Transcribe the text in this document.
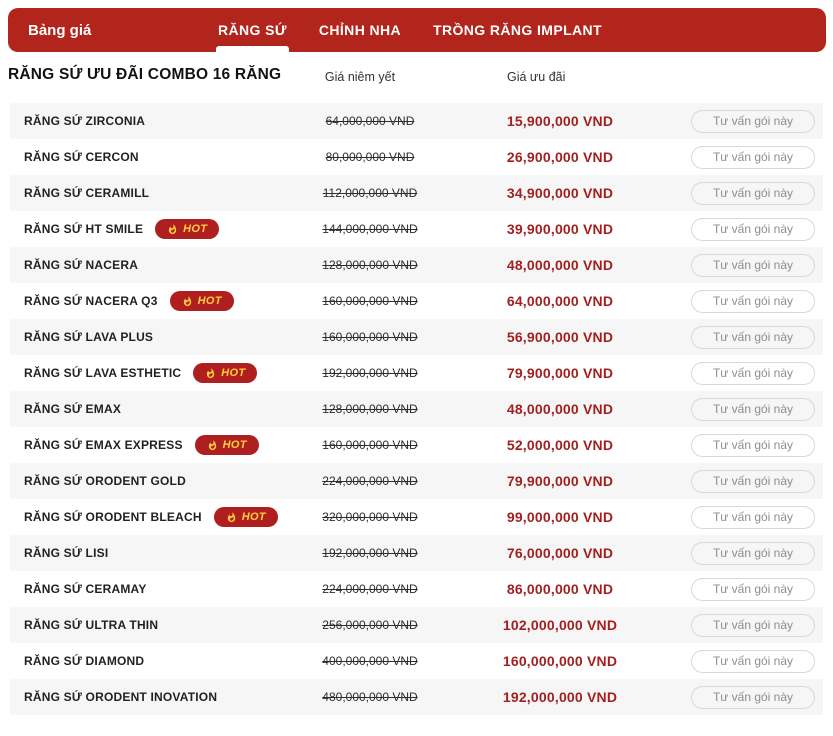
Bảng giá	RĂNG SỨ CHỈNH NHA TRỒNG RĂNG IMPLANT
RĂNG SỨ ƯU ĐÃI COMBO 16 RĂNG	Giá niêm yết	Giá ưu đãi
RĂNG SỨ ZIRCONIA	64,000,000 VND	15,900,000 VND	Tư vấn gói này
RĂNG SỨ CERCON	80,000,000 VND	26,900,000 VND	Tư vấn gói này
RĂNG SỨ CERAMILL	112,000,000 VND	34,900,000 VND	Tư vấn gói này
RĂNG SỨ HT SMILE	HOT	144,000,000 VND	39,900,000 VND	Tư vấn gói này
RĂNG SỨ NACERA	128,000,000 VND	48,000,000 VND	Tư vấn gói này
RĂNG SỨ NACERA Q3	HOT	160,000,000 VND	64,000,000 VND	Tư vấn gói này
RĂNG SỨ LAVA PLUS	160,000,000 VND	56,900,000 VND	Tư vấn gói này
RĂNG SỨ LAVA ESTHETIC	HOT	192,000,000 VND	79,900,000 VND	Tư vấn gói này
RĂNG SỨ EMAX	128,000,000 VND	48,000,000 VND	Tư vấn gói này
RĂNG SỨ EMAX EXPRESS	HOT	160,000,000 VND	52,000,000 VND	Tư vấn gói này
RĂNG SỨ ORODENT GOLD	224,000,000 VND	79,900,000 VND	Tư vấn gói này
RĂNG SỨ ORODENT BLEACH	HOT	320,000,000 VND	99,000,000 VND	Tư vấn gói này
RĂNG SỨ LISI	192,000,000 VND	76,000,000 VND	Tư vấn gói này
RĂNG SỨ CERAMAY	224,000,000 VND	86,000,000 VND	Tư vấn gói này
RĂNG SỨ ULTRA THIN	256,000,000 VND	102,000,000 VND	Tư vấn gói này
RĂNG SỨ DIAMOND	400,000,000 VND	160,000,000 VND	Tư vấn gói này
RĂNG SỨ ORODENT INOVATION	480,000,000 VND	192,000,000 VND	Tư vấn gói này
